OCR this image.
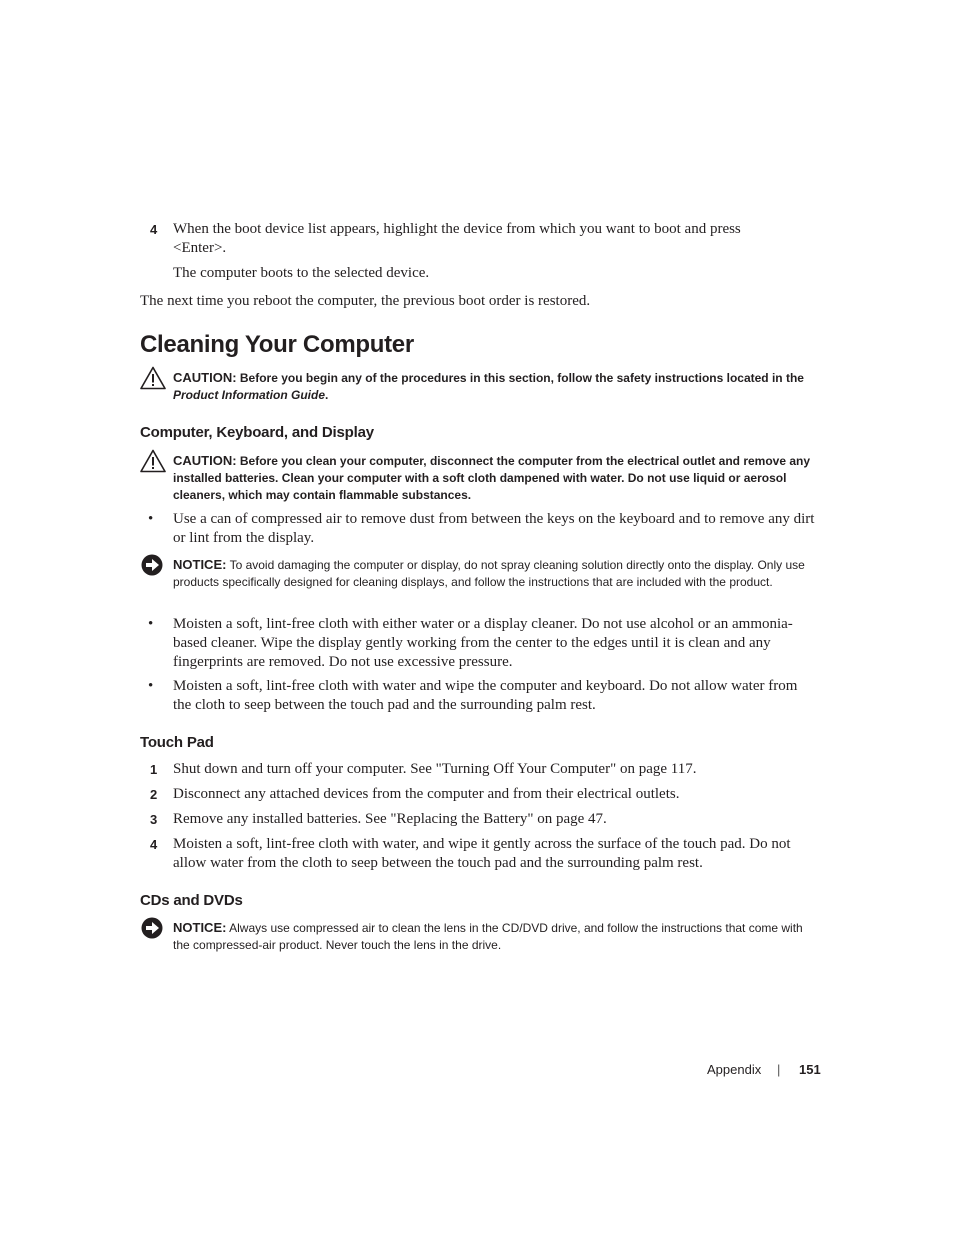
4	When the boot device list appears, highlight the device from which you want to boot and press <Enter>.
The computer boots to the selected device.
The next time you reboot the computer, the previous boot order is restored.
Cleaning Your Computer
CAUTION: Before you begin any of the procedures in this section, follow the safety instructions located in the Product Information Guide.
Computer, Keyboard, and Display
CAUTION: Before you clean your computer, disconnect the computer from the electrical outlet and remove any installed batteries. Clean your computer with a soft cloth dampened with water. Do not use liquid or aerosol cleaners, which may contain flammable substances.
• Use a can of compressed air to remove dust from between the keys on the keyboard and to remove any dirt or lint from the display.
NOTICE: To avoid damaging the computer or display, do not spray cleaning solution directly onto the display. Only use products specifically designed for cleaning displays, and follow the instructions that are included with the product.
• Moisten a soft, lint-free cloth with either water or a display cleaner. Do not use alcohol or an ammonia-based cleaner. Wipe the display gently working from the center to the edges until it is clean and any fingerprints are removed. Do not use excessive pressure.
• Moisten a soft, lint-free cloth with water and wipe the computer and keyboard. Do not allow water from the cloth to seep between the touch pad and the surrounding palm rest.
Touch Pad
1	Shut down and turn off your computer. See "Turning Off Your Computer" on page 117.
2	Disconnect any attached devices from the computer and from their electrical outlets.
3	Remove any installed batteries. See "Replacing the Battery" on page 47.
4	Moisten a soft, lint-free cloth with water, and wipe it gently across the surface of the touch pad. Do not allow water from the cloth to seep between the touch pad and the surrounding palm rest.
CDs and DVDs
NOTICE: Always use compressed air to clean the lens in the CD/DVD drive, and follow the instructions that come with the compressed-air product. Never touch the lens in the drive.
Appendix | 151
